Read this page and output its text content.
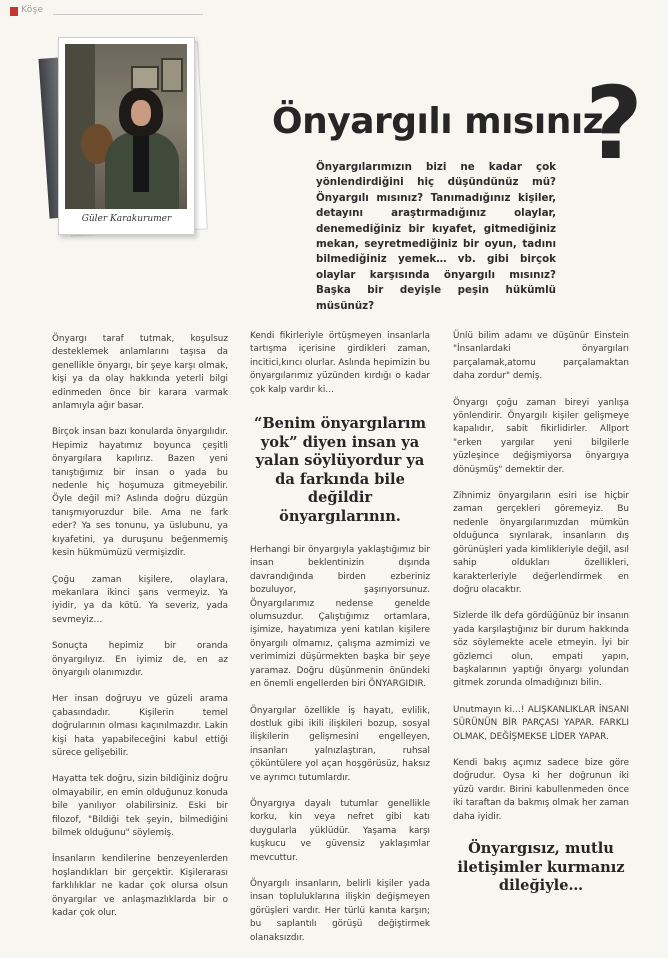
Köşe
Güler Karakurumer
Önyargılı mısınız
?
Önyargılarımızın bizi ne kadar çok yönlendirdiğini hiç düşündünüz mü? Önyargılı mısınız? Tanımadığınız kişiler, detayını araştırmadığınız olaylar, denemediğiniz bir kıyafet, gitmediğiniz mekan, seyretmediğiniz bir oyun, tadını bilmediğiniz yemek… vb. gibi birçok olaylar karşısında önyargılı mısınız? Başka bir deyişle peşin hükümlü müsünüz?

Önyargı taraf tutmak, koşulsuz desteklemek anlamlarını taşısa da genellikle önyargı, bir şeye karşı olmak, kişi ya da olay hakkında yeterli bilgi edinmeden önce bir karara varmak anlamıyla ağır basar.

Birçok insan bazı konularda önyargılıdır. Hepimiz hayatımız boyunca çeşitli önyargılara kapılırız. Bazen yeni tanıştığımız bir insan o yada bu nedenle hiç hoşumuza gitmeyebilir. Öyle değil mi? Aslında doğru düzgün tanışmıyoruzdur bile. Ama ne fark eder? Ya ses tonunu, ya üslubunu, ya kıyafetini, ya duruşunu beğenmemiş kesin hükmümüzü vermişizdir.

Çoğu zaman kişilere, olaylara, mekanlara ikinci şans vermeyiz. Ya iyidir, ya da kötü. Ya severiz, yada sevmeyiz…

Sonuçta hepimiz bir oranda önyargılıyız. En iyimiz de, en az önyargılı olanımızdır.

Her insan doğruyu ve güzeli arama çabasındadır. Kişilerin temel doğrularının olması kaçınılmazdır. Lakin kişi hata yapabileceğini kabul ettiği sürece gelişebilir.

Hayatta tek doğru, sizin bildiğiniz doğru olmayabilir, en emin olduğunuz konuda bile yanılıyor olabilirsiniz. Eski bir filozof, "Bildiği tek şeyin, bilmediğini bilmek olduğunu" söylemiş.

İnsanların kendilerine benzeyenlerden hoşlandıkları bir gerçektir. Kişilerarası farklılıklar ne kadar çok olursa olsun önyargılar ve anlaşmazlıklarda bir o kadar çok olur.

Kendi fikirleriyle örtüşmeyen insanlarla tartışma içerisine girdikleri zaman, incitici,kırıcı olurlar. Aslında hepimizin bu önyargılarımız yüzünden kırdığı o kadar çok kalp vardır ki…

“Benim önyargılarım yok” diyen insan ya yalan söylüyordur ya da farkında bile değildir önyargılarının.

Herhangi bir önyargıyla yaklaştığımız bir insan beklentinizin dışında davrandığında birden ezberiniz bozuluyor, şaşırıyorsunuz. Önyargılarımız nedense genelde olumsuzdur. Çalıştığımız ortamlara, işimize, hayatımıza yeni katılan kişilere önyargılı olmamız, çalışma azmimizi ve verimimizi düşürmekten başka bir şeye yaramaz. Doğru düşünmenin önündeki en önemli engellerden biri ÖNYARGIDIR.

Önyargılar özellikle iş hayatı, evlilik, dostluk gibi ikili ilişkileri bozup, sosyal ilişkilerin gelişmesini engelleyen, insanları yalnızlaştıran, ruhsal çöküntülere yol açan hoşgörüsüz, haksız ve ayrımcı tutumlardır.

Önyargıya dayalı tutumlar genellikle korku, kin veya nefret gibi katı duygularla yüklüdür. Yaşama karşı kuşkucu ve güvensiz yaklaşımlar mevcuttur.

Önyargılı insanların, belirli kişiler yada insan topluluklarına ilişkin değişmeyen görüşleri vardır. Her türlü kanıta karşın; bu saplantılı görüşü değiştirmek olanaksızdır.

Ünlü bilim adamı ve düşünür Einstein "İnsanlardaki önyargıları parçalamak,atomu parçalamaktan daha zordur" demiş.

Önyargı çoğu zaman bireyi yanlışa yönlendirir. Önyargılı kişiler gelişmeye kapalıdır, sabit fikirlidirler. Allport "erken yargılar yeni bilgilerle yüzleşince değişmiyorsa önyargıya dönüşmüş" demektir der.

Zihnimiz önyargıların esiri ise hiçbir zaman gerçekleri göremeyiz. Bu nedenle önyargılarımızdan mümkün olduğunca sıyrılarak, insanların dış görünüşleri yada kimlikleriyle değil, asıl sahip oldukları özellikleri, karakterleriyle değerlendirmek en doğru olacaktır.

Sizlerde ilk defa gördüğünüz bir insanın yada karşılaştığınız bir durum hakkında söz söylemekte acele etmeyin. İyi bir gözlemci olun, empati yapın, başkalarının yaptığı önyargı yolundan gitmek zorunda olmadığınızı bilin.

Unutmayın ki…! ALIŞKANLIKLAR İNSANI SÜRÜNÜN BİR PARÇASI YAPAR. FARKLI OLMAK, DEĞİŞMEKSE LİDER YAPAR.

Kendi bakış açımız sadece bize göre doğrudur. Oysa ki her doğrunun iki yüzü vardır. Birini kabullenmeden önce iki taraftan da bakmış olmak her zaman daha iyidir.

Önyargısız, mutlu iletişimler kurmanız dileğiyle…
